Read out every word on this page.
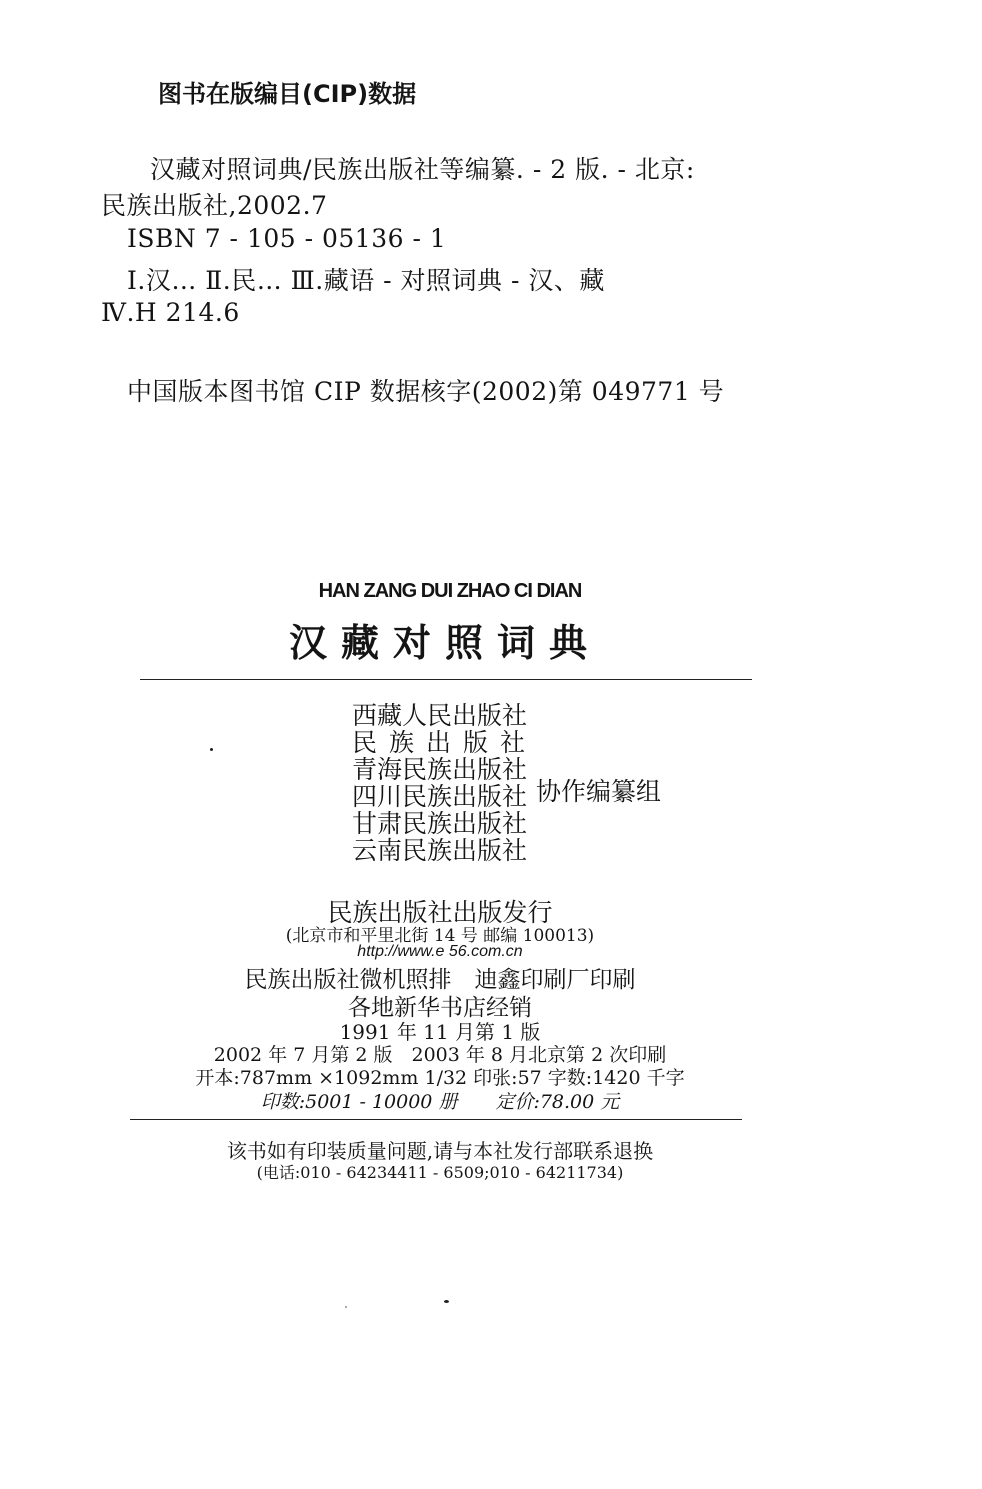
图书在版编目(CIP)数据
汉藏对照词典/民族出版社等编纂. - 2 版. - 北京:
民族出版社,2002.7
ISBN 7 - 105 - 05136 - 1
Ⅰ.汉… Ⅱ.民… Ⅲ.藏语 - 对照词典 - 汉、藏
Ⅳ.H 214.6
中国版本图书馆 CIP 数据核字(2002)第 049771 号
HAN ZANG DUI ZHAO CI DIAN
汉藏对照词典
西藏人民出版社
民族出版社
青海民族出版社
四川民族出版社
甘肃民族出版社
云南民族出版社
协作编纂组
民族出版社出版发行
(北京市和平里北街 14 号 邮编 100013)
http://www.e 56.com.cn
民族出版社微机照排　迪鑫印刷厂印刷
各地新华书店经销
1991 年 11 月第 1 版
2002 年 7 月第 2 版　2003 年 8 月北京第 2 次印刷
开本:787mm ×1092mm 1/32 印张:57 字数:1420 千字
印数:5001 - 10000 册　　定价:78.00 元
该书如有印装质量问题,请与本社发行部联系退换
(电话:010 - 64234411 - 6509;010 - 64211734)
